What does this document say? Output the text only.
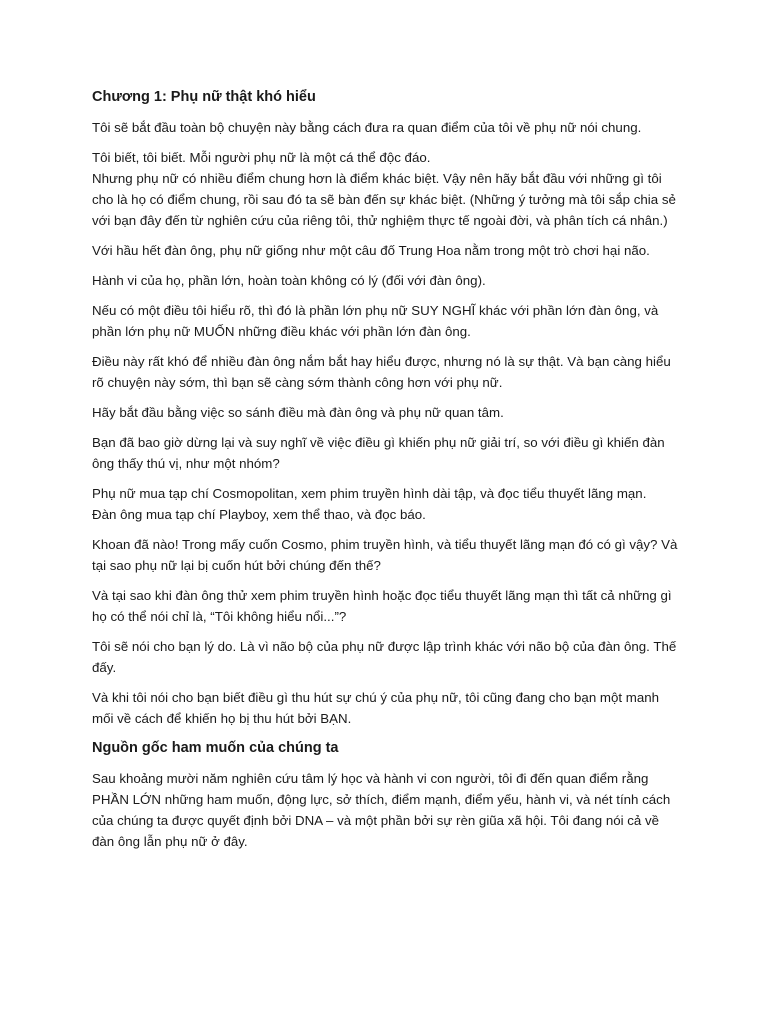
Chương 1: Phụ nữ thật khó hiểu

Tôi sẽ bắt đầu toàn bộ chuyện này bằng cách đưa ra quan điểm của tôi về phụ nữ nói chung.

Tôi biết, tôi biết. Mỗi người phụ nữ là một cá thể độc đáo.
Nhưng phụ nữ có nhiều điểm chung hơn là điểm khác biệt. Vậy nên hãy bắt đầu với những gì tôi cho là họ có điểm chung, rồi sau đó ta sẽ bàn đến sự khác biệt. (Những ý tưởng mà tôi sắp chia sẻ với bạn đây đến từ nghiên cứu của riêng tôi, thử nghiệm thực tế ngoài đời, và phân tích cá nhân.)

Với hầu hết đàn ông, phụ nữ giống như một câu đố Trung Hoa nằm trong một trò chơi hại não.

Hành vi của họ, phần lớn, hoàn toàn không có lý (đối với đàn ông).

Nếu có một điều tôi hiểu rõ, thì đó là phần lớn phụ nữ SUY NGHĨ khác với phần lớn đàn ông, và phần lớn phụ nữ MUỐN những điều khác với phần lớn đàn ông.

Điều này rất khó để nhiều đàn ông nắm bắt hay hiểu được, nhưng nó là sự thật. Và bạn càng hiểu rõ chuyện này sớm, thì bạn sẽ càng sớm thành công hơn với phụ nữ.

Hãy bắt đầu bằng việc so sánh điều mà đàn ông và phụ nữ quan tâm.

Bạn đã bao giờ dừng lại và suy nghĩ về việc điều gì khiến phụ nữ giải trí, so với điều gì khiến đàn ông thấy thú vị, như một nhóm?

Phụ nữ mua tạp chí Cosmopolitan, xem phim truyền hình dài tập, và đọc tiểu thuyết lãng mạn.
Đàn ông mua tạp chí Playboy, xem thể thao, và đọc báo.

Khoan đã nào! Trong mấy cuốn Cosmo, phim truyền hình, và tiểu thuyết lãng mạn đó có gì vậy? Và tại sao phụ nữ lại bị cuốn hút bởi chúng đến thế?

Và tại sao khi đàn ông thử xem phim truyền hình hoặc đọc tiểu thuyết lãng mạn thì tất cả những gì họ có thể nói chỉ là, “Tôi không hiểu nổi...”?

Tôi sẽ nói cho bạn lý do. Là vì não bộ của phụ nữ được lập trình khác với não bộ của đàn ông. Thế đấy.

Và khi tôi nói cho bạn biết điều gì thu hút sự chú ý của phụ nữ, tôi cũng đang cho bạn một manh mối về cách để khiến họ bị thu hút bởi BẠN.

Nguồn gốc ham muốn của chúng ta

Sau khoảng mười năm nghiên cứu tâm lý học và hành vi con người, tôi đi đến quan điểm rằng PHẦN LỚN những ham muốn, động lực, sở thích, điểm mạnh, điểm yếu, hành vi, và nét tính cách của chúng ta được quyết định bởi DNA – và một phần bởi sự rèn giũa xã hội. Tôi đang nói cả về đàn ông lẫn phụ nữ ở đây.
